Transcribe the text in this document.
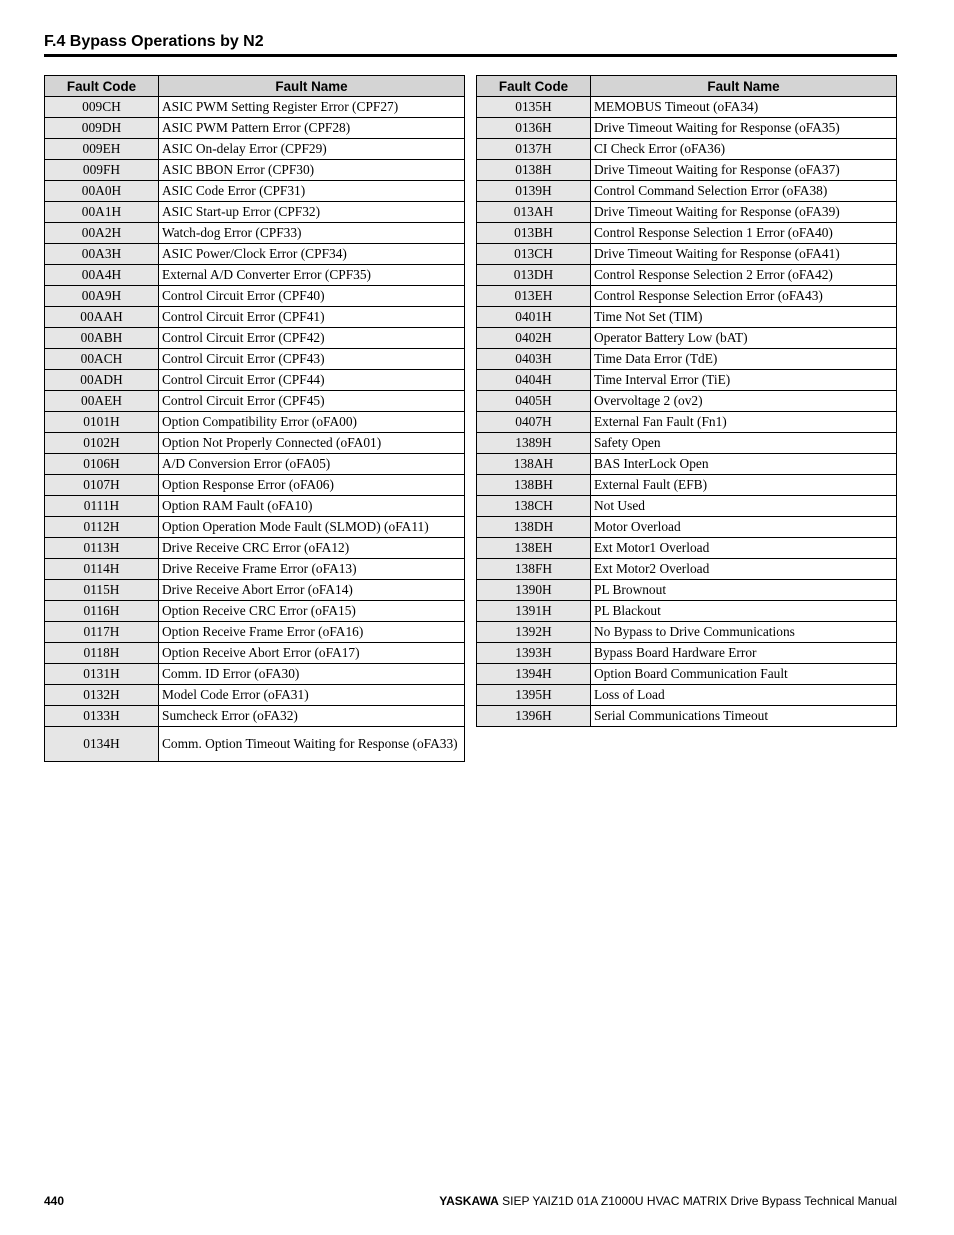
F.4 Bypass Operations by N2
Fault Code	Fault Name
009CH	ASIC PWM Setting Register Error (CPF27)
009DH	ASIC PWM Pattern Error (CPF28)
009EH	ASIC On-delay Error (CPF29)
009FH	ASIC BBON Error (CPF30)
00A0H	ASIC Code Error (CPF31)
00A1H	ASIC Start-up Error (CPF32)
00A2H	Watch-dog Error (CPF33)
00A3H	ASIC Power/Clock Error (CPF34)
00A4H	External A/D Converter Error (CPF35)
00A9H	Control Circuit Error (CPF40)
00AAH	Control Circuit Error (CPF41)
00ABH	Control Circuit Error (CPF42)
00ACH	Control Circuit Error (CPF43)
00ADH	Control Circuit Error (CPF44)
00AEH	Control Circuit Error (CPF45)
0101H	Option Compatibility Error (oFA00)
0102H	Option Not Properly Connected (oFA01)
0106H	A/D Conversion Error (oFA05)
0107H	Option Response Error (oFA06)
0111H	Option RAM Fault (oFA10)
0112H	Option Operation Mode Fault (SLMOD) (oFA11)
0113H	Drive Receive CRC Error (oFA12)
0114H	Drive Receive Frame Error (oFA13)
0115H	Drive Receive Abort Error (oFA14)
0116H	Option Receive CRC Error (oFA15)
0117H	Option Receive Frame Error (oFA16)
0118H	Option Receive Abort Error (oFA17)
0131H	Comm. ID Error (oFA30)
0132H	Model Code Error (oFA31)
0133H	Sumcheck Error (oFA32)
0134H	Comm. Option Timeout Waiting for Response (oFA33)
Fault Code	Fault Name
0135H	MEMOBUS Timeout (oFA34)
0136H	Drive Timeout Waiting for Response (oFA35)
0137H	CI Check Error (oFA36)
0138H	Drive Timeout Waiting for Response (oFA37)
0139H	Control Command Selection Error (oFA38)
013AH	Drive Timeout Waiting for Response (oFA39)
013BH	Control Response Selection 1 Error (oFA40)
013CH	Drive Timeout Waiting for Response (oFA41)
013DH	Control Response Selection 2 Error (oFA42)
013EH	Control Response Selection Error (oFA43)
0401H	Time Not Set (TIM)
0402H	Operator Battery Low (bAT)
0403H	Time Data Error (TdE)
0404H	Time Interval Error (TiE)
0405H	Overvoltage 2 (ov2)
0407H	External Fan Fault (Fn1)
1389H	Safety Open
138AH	BAS InterLock Open
138BH	External Fault (EFB)
138CH	Not Used
138DH	Motor Overload
138EH	Ext Motor1 Overload
138FH	Ext Motor2 Overload
1390H	PL Brownout
1391H	PL Blackout
1392H	No Bypass to Drive Communications
1393H	Bypass Board Hardware Error
1394H	Option Board Communication Fault
1395H	Loss of Load
1396H	Serial Communications Timeout
440	YASKAWA SIEP YAIZ1D 01A Z1000U HVAC MATRIX Drive Bypass Technical Manual
